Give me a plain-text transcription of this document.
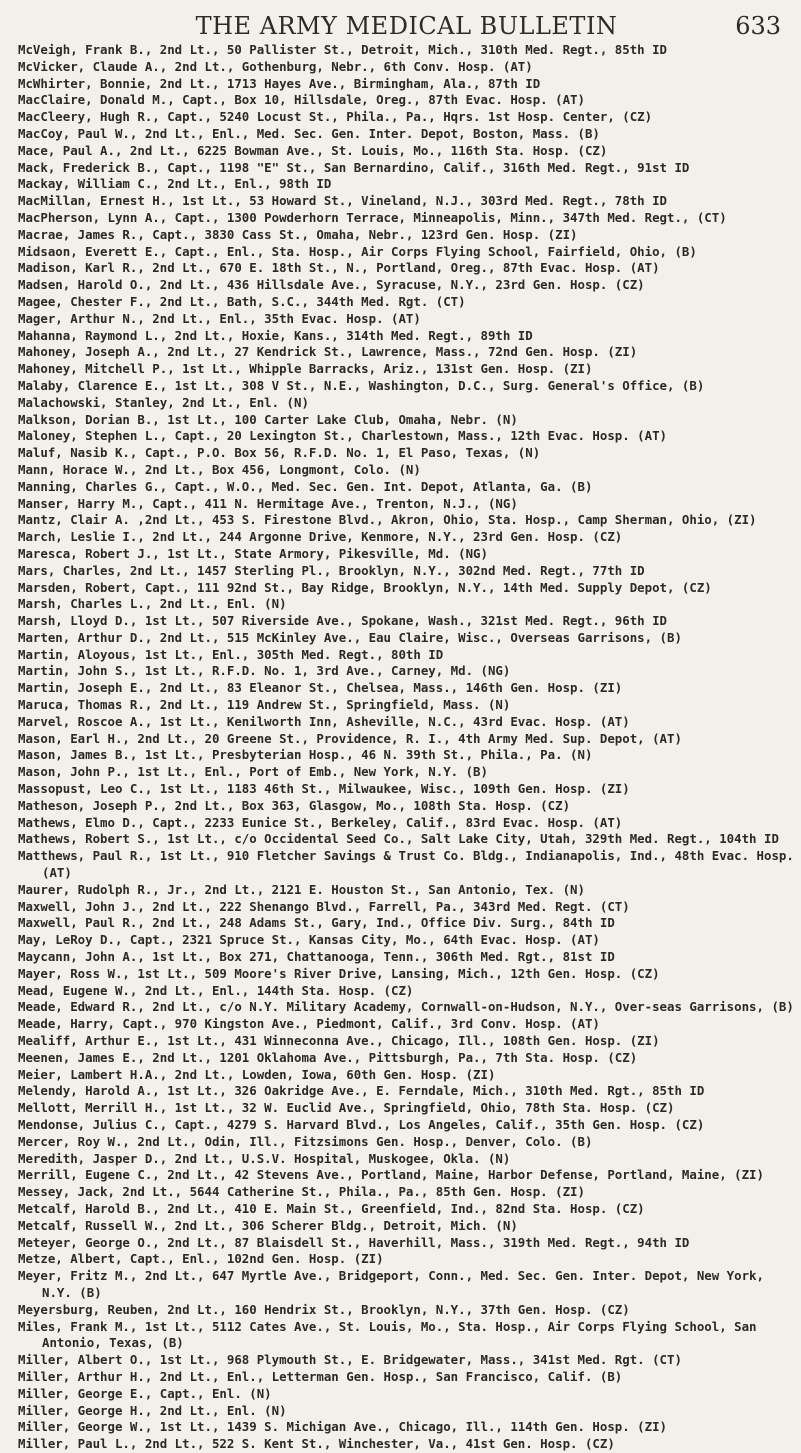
THE ARMY MEDICAL BULLETIN	633
McVeigh, Frank B., 2nd Lt., 50 Pallister St., Detroit, Mich., 310th Med. Regt., 85th ID
McVicker, Claude A., 2nd Lt., Gothenburg, Nebr., 6th Conv. Hosp. (AT)
McWhirter, Bonnie, 2nd Lt., 1713 Hayes Ave., Birmingham, Ala., 87th ID
MacClaire, Donald M., Capt., Box 10, Hillsdale, Oreg., 87th Evac. Hosp. (AT)
MacCleery, Hugh R., Capt., 5240 Locust St., Phila., Pa., Hqrs. 1st Hosp. Center, (CZ)
MacCoy, Paul W., 2nd Lt., Enl., Med. Sec. Gen. Inter. Depot, Boston, Mass. (B)
Mace, Paul A., 2nd Lt., 6225 Bowman Ave., St. Louis, Mo., 116th Sta. Hosp. (CZ)
Mack, Frederick B., Capt., 1198 "E" St., San Bernardino, Calif., 316th Med. Regt., 91st ID
Mackay, William C., 2nd Lt., Enl., 98th ID
MacMillan, Ernest H., 1st Lt., 53 Howard St., Vineland, N.J., 303rd Med. Regt., 78th ID
MacPherson, Lynn A., Capt., 1300 Powderhorn Terrace, Minneapolis, Minn., 347th Med. Regt., (CT)
Macrae, James R., Capt., 3830 Cass St., Omaha, Nebr., 123rd Gen. Hosp. (ZI)
Midsaon, Everett E., Capt., Enl., Sta. Hosp., Air Corps Flying School, Fairfield, Ohio, (B)
Madison, Karl R., 2nd Lt., 670 E. 18th St., N., Portland, Oreg., 87th Evac. Hosp. (AT)
Madsen, Harold O., 2nd Lt., 436 Hillsdale Ave., Syracuse, N.Y., 23rd Gen. Hosp. (CZ)
Magee, Chester F., 2nd Lt., Bath, S.C., 344th Med. Rgt. (CT)
Mager, Arthur N., 2nd Lt., Enl., 35th Evac. Hosp. (AT)
Mahanna, Raymond L., 2nd Lt., Hoxie, Kans., 314th Med. Regt., 89th ID
Mahoney, Joseph A., 2nd Lt., 27 Kendrick St., Lawrence, Mass., 72nd Gen. Hosp. (ZI)
Mahoney, Mitchell P., 1st Lt., Whipple Barracks, Ariz., 131st Gen. Hosp. (ZI)
Malaby, Clarence E., 1st Lt., 308 V St., N.E., Washington, D.C., Surg. General's Office, (B)
Malachowski, Stanley, 2nd Lt., Enl. (N)
Malkson, Dorian B., 1st Lt., 100 Carter Lake Club, Omaha, Nebr. (N)
Maloney, Stephen L., Capt., 20 Lexington St., Charlestown, Mass., 12th Evac. Hosp. (AT)
Maluf, Nasib K., Capt., P.O. Box 56, R.F.D. No. 1, El Paso, Texas, (N)
Mann, Horace W., 2nd Lt., Box 456, Longmont, Colo. (N)
Manning, Charles G., Capt., W.O., Med. Sec. Gen. Int. Depot, Atlanta, Ga. (B)
Manser, Harry M., Capt., 411 N. Hermitage Ave., Trenton, N.J., (NG)
Mantz, Clair A. ,2nd Lt., 453 S. Firestone Blvd., Akron, Ohio, Sta. Hosp., Camp Sherman, Ohio, (ZI)
March, Leslie I., 2nd Lt., 244 Argonne Drive, Kenmore, N.Y., 23rd Gen. Hosp. (CZ)
Maresca, Robert J., 1st Lt., State Armory, Pikesville, Md. (NG)
Mars, Charles, 2nd Lt., 1457 Sterling Pl., Brooklyn, N.Y., 302nd Med. Regt., 77th ID
Marsden, Robert, Capt., 111 92nd St., Bay Ridge, Brooklyn, N.Y., 14th Med. Supply Depot, (CZ)
Marsh, Charles L., 2nd Lt., Enl. (N)
Marsh, Lloyd D., 1st Lt., 507 Riverside Ave., Spokane, Wash., 321st Med. Regt., 96th ID
Marten, Arthur D., 2nd Lt., 515 McKinley Ave., Eau Claire, Wisc., Overseas Garrisons, (B)
Martin, Aloyous, 1st Lt., Enl., 305th Med. Regt., 80th ID
Martin, John S., 1st Lt., R.F.D. No. 1, 3rd Ave., Carney, Md. (NG)
Martin, Joseph E., 2nd Lt., 83 Eleanor St., Chelsea, Mass., 146th Gen. Hosp. (ZI)
Maruca, Thomas R., 2nd Lt., 119 Andrew St., Springfield, Mass. (N)
Marvel, Roscoe A., 1st Lt., Kenilworth Inn, Asheville, N.C., 43rd Evac. Hosp. (AT)
Mason, Earl H., 2nd Lt., 20 Greene St., Providence, R. I., 4th Army Med. Sup. Depot, (AT)
Mason, James B., 1st Lt., Presbyterian Hosp., 46 N. 39th St., Phila., Pa. (N)
Mason, John P., 1st Lt., Enl., Port of Emb., New York, N.Y. (B)
Massopust, Leo C., 1st Lt., 1183 46th St., Milwaukee, Wisc., 109th Gen. Hosp. (ZI)
Matheson, Joseph P., 2nd Lt., Box 363, Glasgow, Mo., 108th Sta. Hosp. (CZ)
Mathews, Elmo D., Capt., 2233 Eunice St., Berkeley, Calif., 83rd Evac. Hosp. (AT)
Mathews, Robert S., 1st Lt., c/o Occidental Seed Co., Salt Lake City, Utah, 329th Med. Regt., 104th ID
Matthews, Paul R., 1st Lt., 910 Fletcher Savings & Trust Co. Bldg., Indianapolis, Ind., 48th Evac. Hosp. (AT)
Maurer, Rudolph R., Jr., 2nd Lt., 2121 E. Houston St., San Antonio, Tex. (N)
Maxwell, John J., 2nd Lt., 222 Shenango Blvd., Farrell, Pa., 343rd Med. Regt. (CT)
Maxwell, Paul R., 2nd Lt., 248 Adams St., Gary, Ind., Office Div. Surg., 84th ID
May, LeRoy D., Capt., 2321 Spruce St., Kansas City, Mo., 64th Evac. Hosp. (AT)
Maycann, John A., 1st Lt., Box 271, Chattanooga, Tenn., 306th Med. Rgt., 81st ID
Mayer, Ross W., 1st Lt., 509 Moore's River Drive, Lansing, Mich., 12th Gen. Hosp. (CZ)
Mead, Eugene W., 2nd Lt., Enl., 144th Sta. Hosp. (CZ)
Meade, Edward R., 2nd Lt., c/o N.Y. Military Academy, Cornwall-on-Hudson, N.Y., Over-seas Garrisons, (B)
Meade, Harry, Capt., 970 Kingston Ave., Piedmont, Calif., 3rd Conv. Hosp. (AT)
Mealiff, Arthur E., 1st Lt., 431 Winneconna Ave., Chicago, Ill., 108th Gen. Hosp. (ZI)
Meenen, James E., 2nd Lt., 1201 Oklahoma Ave., Pittsburgh, Pa., 7th Sta. Hosp. (CZ)
Meier, Lambert H.A., 2nd Lt., Lowden, Iowa, 60th Gen. Hosp. (ZI)
Melendy, Harold A., 1st Lt., 326 Oakridge Ave., E. Ferndale, Mich., 310th Med. Rgt., 85th ID
Mellott, Merrill H., 1st Lt., 32 W. Euclid Ave., Springfield, Ohio, 78th Sta. Hosp. (CZ)
Mendonse, Julius C., Capt., 4279 S. Harvard Blvd., Los Angeles, Calif., 35th Gen. Hosp. (CZ)
Mercer, Roy W., 2nd Lt., Odin, Ill., Fitzsimons Gen. Hosp., Denver, Colo. (B)
Meredith, Jasper D., 2nd Lt., U.S.V. Hospital, Muskogee, Okla. (N)
Merrill, Eugene C., 2nd Lt., 42 Stevens Ave., Portland, Maine, Harbor Defense, Portland, Maine, (ZI)
Messey, Jack, 2nd Lt., 5644 Catherine St., Phila., Pa., 85th Gen. Hosp. (ZI)
Metcalf, Harold B., 2nd Lt., 410 E. Main St., Greenfield, Ind., 82nd Sta. Hosp. (CZ)
Metcalf, Russell W., 2nd Lt., 306 Scherer Bldg., Detroit, Mich. (N)
Meteyer, George O., 2nd Lt., 87 Blaisdell St., Haverhill, Mass., 319th Med. Regt., 94th ID
Metze, Albert, Capt., Enl., 102nd Gen. Hosp. (ZI)
Meyer, Fritz M., 2nd Lt., 647 Myrtle Ave., Bridgeport, Conn., Med. Sec. Gen. Inter. Depot, New York, N.Y. (B)
Meyersburg, Reuben, 2nd Lt., 160 Hendrix St., Brooklyn, N.Y., 37th Gen. Hosp. (CZ)
Miles, Frank M., 1st Lt., 5112 Cates Ave., St. Louis, Mo., Sta. Hosp., Air Corps Flying School, San Antonio, Texas, (B)
Miller, Albert O., 1st Lt., 968 Plymouth St., E. Bridgewater, Mass., 341st Med. Rgt. (CT)
Miller, Arthur H., 2nd Lt., Enl., Letterman Gen. Hosp., San Francisco, Calif. (B)
Miller, George E., Capt., Enl. (N)
Miller, George H., 2nd Lt., Enl. (N)
Miller, George W., 1st Lt., 1439 S. Michigan Ave., Chicago, Ill., 114th Gen. Hosp. (ZI)
Miller, Paul L., 2nd Lt., 522 S. Kent St., Winchester, Va., 41st Gen. Hosp. (CZ)
